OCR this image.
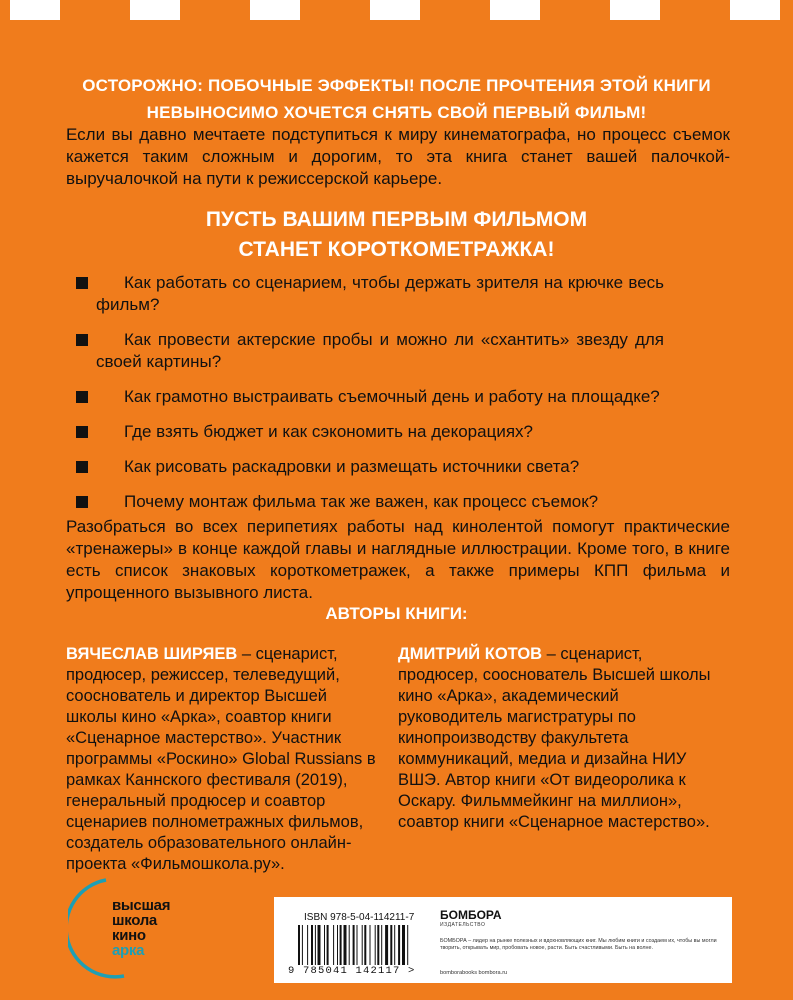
ОСТОРОЖНО: ПОБОЧНЫЕ ЭФФЕКТЫ! ПОСЛЕ ПРОЧТЕНИЯ ЭТОЙ КНИГИ
НЕВЫНОСИМО ХОЧЕТСЯ СНЯТЬ СВОЙ ПЕРВЫЙ ФИЛЬМ!
Если вы давно мечтаете подступиться к миру кинематографа, но процесс съемок кажется таким сложным и дорогим, то эта книга станет вашей палочкой-выручалочкой на пути к режиссерской карьере.
ПУСТЬ ВАШИМ ПЕРВЫМ ФИЛЬМОМ
СТАНЕТ КОРОТКОМЕТРАЖКА!
Как работать со сценарием, чтобы держать зрителя на крючке весь фильм?
Как провести актерские пробы и можно ли «схантить» звезду для своей картины?
Как грамотно выстраивать съемочный день и работу на площадке?
Где взять бюджет и как сэкономить на декорациях?
Как рисовать раскадровки и размещать источники света?
Почему монтаж фильма так же важен, как процесс съемок?
Разобраться во всех перипетиях работы над кинолентой помогут практические «тренажеры» в конце каждой главы и наглядные иллюстрации. Кроме того, в книге есть список знаковых короткометражек, а также примеры КПП фильма и упрощенного вызывного листа.
АВТОРЫ КНИГИ:
ВЯЧЕСЛАВ ШИРЯЕВ – сценарист, продюсер, режиссер, телеведущий, сооснователь и директор Высшей школы кино «Арка», соавтор книги «Сценарное мастерство». Участник программы «Роскино» Global Russians в рамках Каннского фестиваля (2019), генеральный продюсер и соавтор сценариев полнометражных фильмов, создатель образовательного онлайн-проекта «Фильмошкола.ру».
ДМИТРИЙ КОТОВ – сценарист, продюсер, сооснователь Высшей школы кино «Арка», академический руководитель магистратуры по кинопроизводству факультета коммуникаций, медиа и дизайна НИУ ВШЭ. Автор книги «От видеоролика к Оскару. Фильммейкинг на миллион», соавтор книги «Сценарное мастерство».
высшая
школа
кино
арка
ISBN 978-5-04-114211-7
9 785041 142117 >
БОМБОРА
ИЗДАТЕЛЬСТВО
БОМБОРА – лидер на рынке полезных и вдохновляющих книг. Мы любим книги и создаем их, чтобы вы могли творить, открывать мир, пробовать новое, расти. Быть счастливыми. Быть на волне.
bomborabooks bombora.ru
